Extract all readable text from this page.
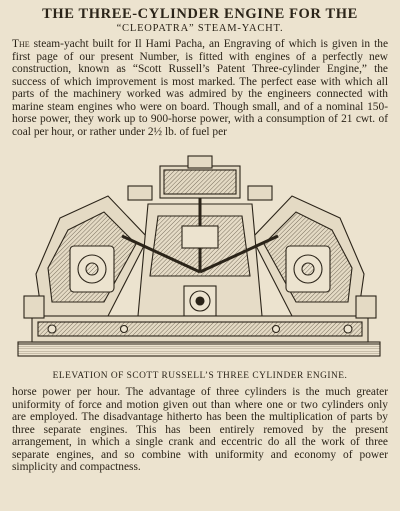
THE THREE-CYLINDER ENGINE FOR THE
“CLEOPATRA” STEAM-YACHT.

The steam-yacht built for Il Hami Pacha, an Engraving of which is given in the first page of our present Number, is fitted with engines of a perfectly new construction, known as “Scott Russell’s Patent Three-cylinder Engine,” the success of which improvement is most marked. The perfect ease with which all parts of the machinery worked was admired by the engineers connected with marine steam engines who were on board. Though small, and of a nominal 150-horse power, they work up to 900-horse power, with a consumption of 21 cwt. of coal per hour, or rather under 2½ lb. of fuel per

ELEVATION OF SCOTT RUSSELL’S THREE CYLINDER ENGINE.

horse power per hour. The advantage of three cylinders is the much greater uniformity of force and motion given out than where one or two cylinders only are employed. The disadvantage hitherto has been the multiplication of parts by three separate engines. This has been entirely removed by the present arrangement, in which a single crank and eccentric do all the work of three separate engines, and so combine with uniformity and economy of power simplicity and compactness.
